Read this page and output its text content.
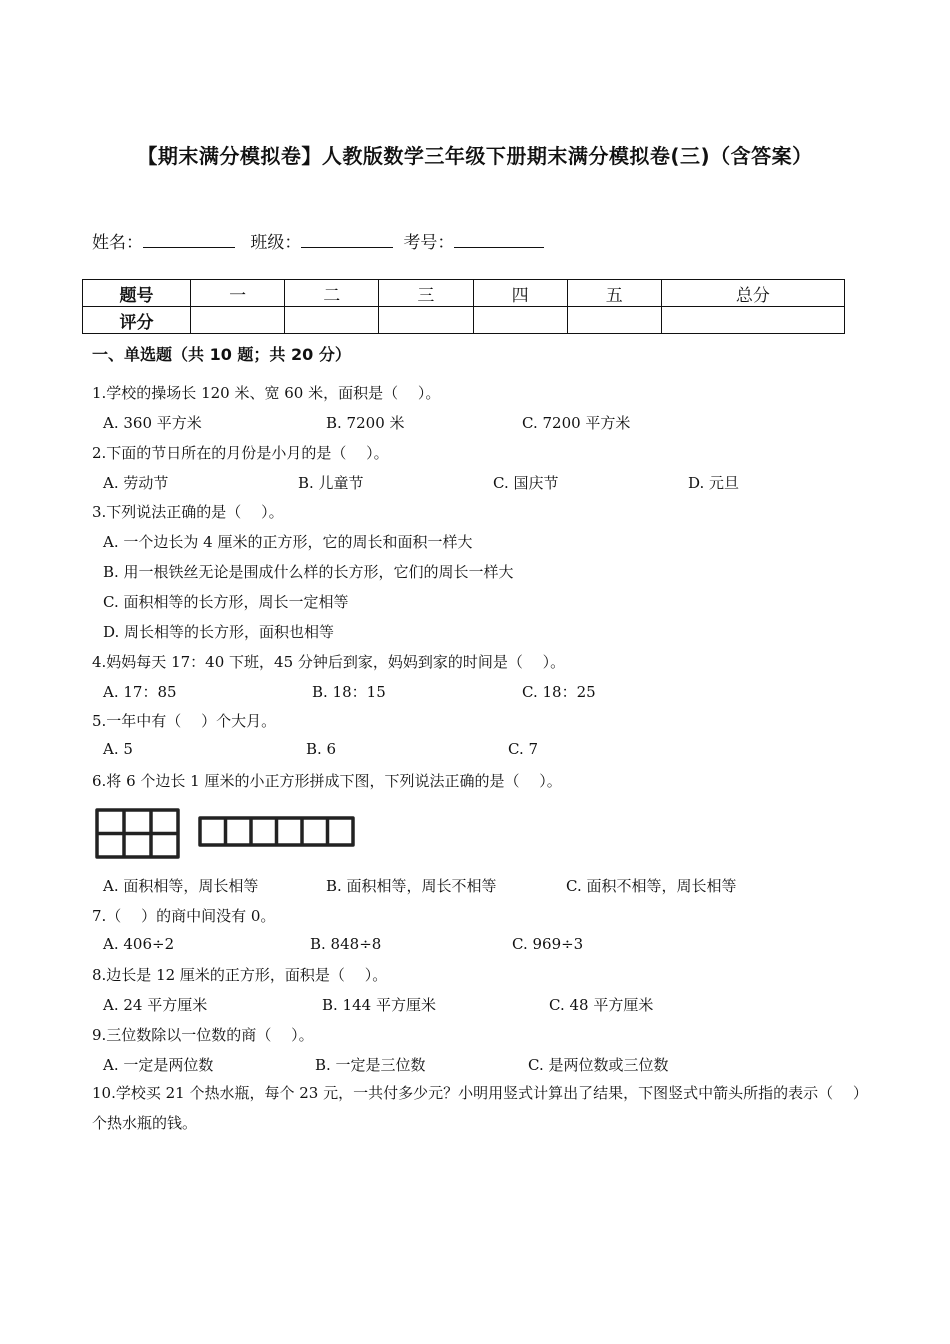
【期末满分模拟卷】人教版数学三年级下册期末满分模拟卷(三)（含答案）
姓名：	班级：	考号：
题号	一	二	三	四	五	总分
评分						
一、单选题（共 10 题；共 20 分）
1.学校的操场长 120 米、宽 60 米，面积是（　 ）。
A. 360 平方米	B. 7200 米	C. 7200 平方米
2.下面的节日所在的月份是小月的是（　 ）。
A. 劳动节	B. 儿童节	C. 国庆节	D. 元旦
3.下列说法正确的是（　 ）。
A. 一个边长为 4 厘米的正方形，它的周长和面积一样大
B. 用一根铁丝无论是围成什么样的长方形，它们的周长一样大
C. 面积相等的长方形，周长一定相等
D. 周长相等的长方形，面积也相等
4.妈妈每天 17：40 下班，45 分钟后到家，妈妈到家的时间是（　 ）。
A. 17：85	B. 18：15	C. 18：25
5.一年中有（　 ）个大月。
A. 5	B. 6	C. 7
6.将 6 个边长 1 厘米的小正方形拼成下图，下列说法正确的是（　 ）。
A. 面积相等，周长相等	B. 面积相等，周长不相等	C. 面积不相等，周长相等
7.（　 ）的商中间没有 0。
A. 406÷2	B. 848÷8	C. 969÷3
8.边长是 12 厘米的正方形，面积是（　 ）。
A. 24 平方厘米	B. 144 平方厘米	C. 48 平方厘米
9.三位数除以一位数的商（　 ）。
A. 一定是两位数	B. 一定是三位数	C. 是两位数或三位数
10.学校买 21 个热水瓶，每个 23 元，一共付多少元？小明用竖式计算出了结果，下图竖式中箭头所指的表示（　 ）个热水瓶的钱。
